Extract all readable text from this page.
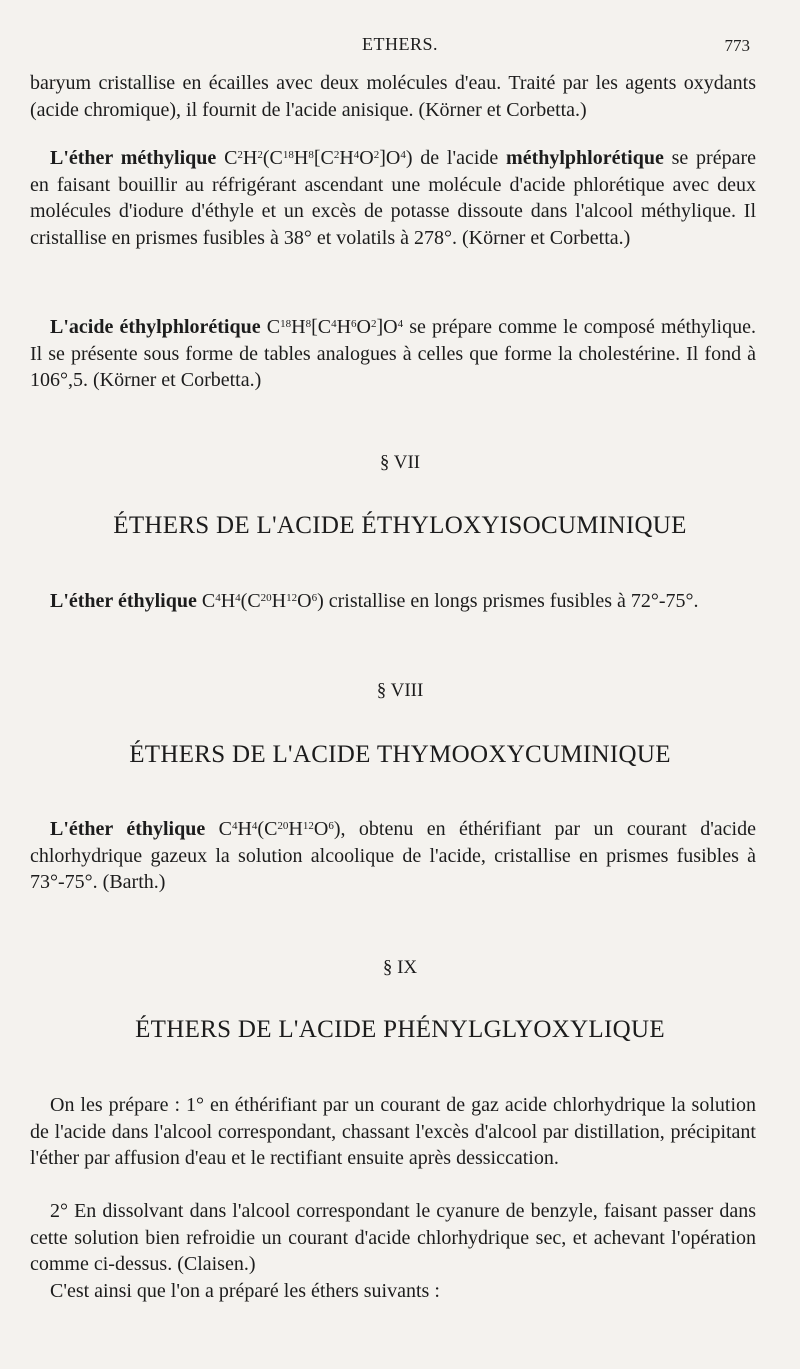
ETHERS.	773

baryum cristallise en écailles avec deux molécules d'eau. Traité par les agents oxydants (acide chromique), il fournit de l'acide anisique. (Körner et Corbetta.)

L'éther méthylique $C^2H^2(C^{18}H^8[C^2H^4O^2]O^4)$ de l'acide méthylphlorétique se prépare en faisant bouillir au réfrigérant ascendant une molécule d'acide phlorétique avec deux molécules d'iodure d'éthyle et un excès de potasse dissoute dans l'alcool méthylique. Il cristallise en prismes fusibles à 38° et volatils à 278°. (Körner et Corbetta.)

L'acide éthylphlorétique $C^{18}H^8[C^4H^6O^2]O^4$ se prépare comme le composé méthylique. Il se présente sous forme de tables analogues à celles que forme la cholestérine. Il fond à 106°,5. (Körner et Corbetta.)

§ VII
ÉTHERS DE L'ACIDE ÉTHYLOXYISOCUMINIQUE

L'éther éthylique $C^4H^4(C^{20}H^{12}O^6)$ cristallise en longs prismes fusibles à 72°-75°.

§ VIII
ÉTHERS DE L'ACIDE THYMOOXYCUMINIQUE

L'éther éthylique $C^4H^4(C^{20}H^{12}O^6)$, obtenu en éthérifiant par un courant d'acide chlorhydrique gazeux la solution alcoolique de l'acide, cristallise en prismes fusibles à 73°-75°. (Barth.)

§ IX
ÉTHERS DE L'ACIDE PHÉNYLGLYOXYLIQUE

On les prépare : 1° en éthérifiant par un courant de gaz acide chlorhydrique la solution de l'acide dans l'alcool correspondant, chassant l'excès d'alcool par distillation, précipitant l'éther par affusion d'eau et le rectifiant ensuite après dessiccation.

2° En dissolvant dans l'alcool correspondant le cyanure de benzyle, faisant passer dans cette solution bien refroidie un courant d'acide chlorhydrique sec, et achevant l'opération comme ci-dessus. (Claisen.)

C'est ainsi que l'on a préparé les éthers suivants :
